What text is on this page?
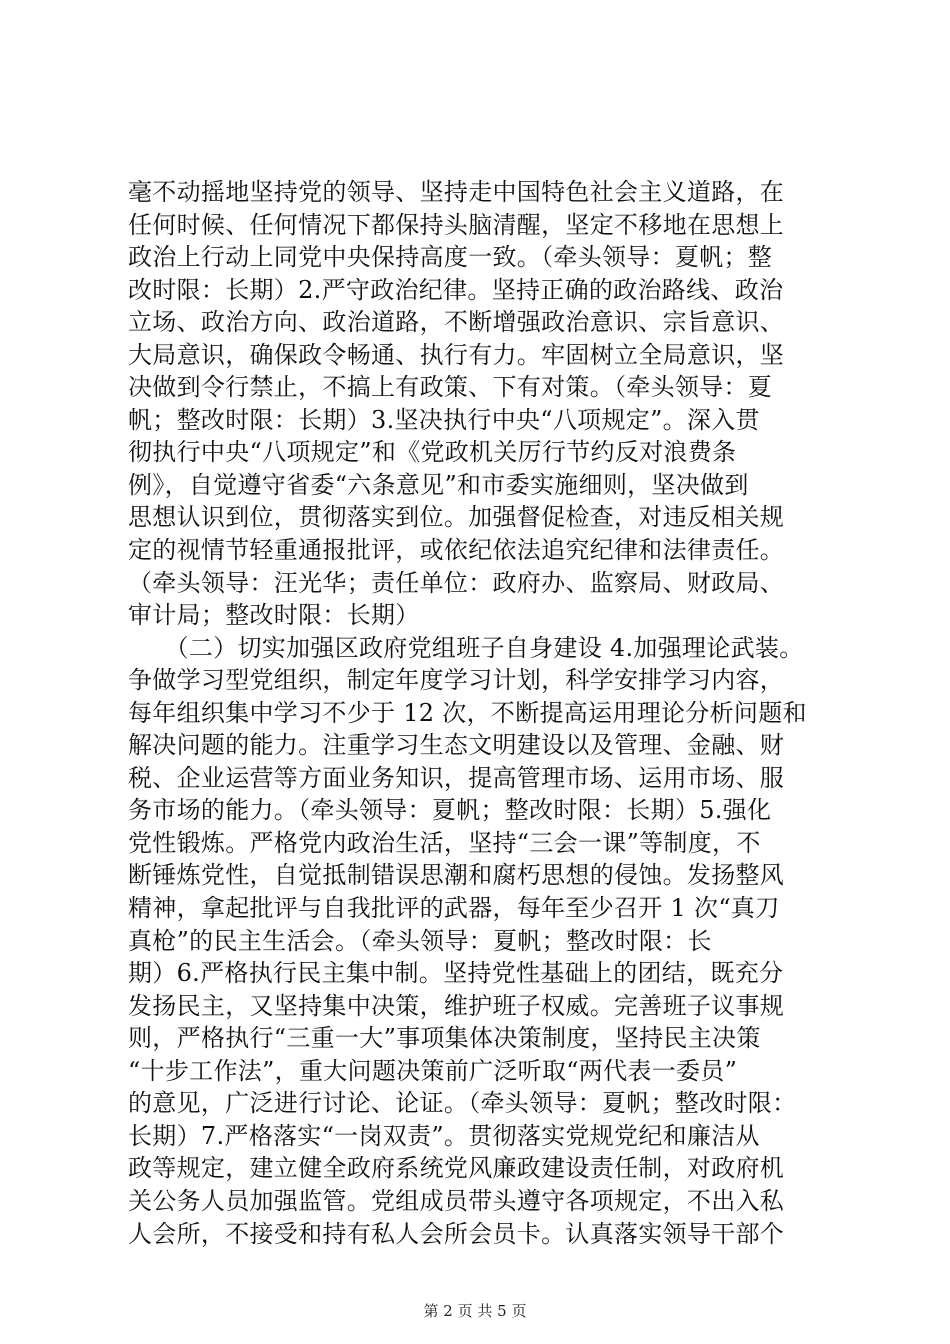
毫不动摇地坚持党的领导、坚持走中国特色社会主义道路，在
任何时候、任何情况下都保持头脑清醒，坚定不移地在思想上
政治上行动上同党中央保持高度一致。（牵头领导：夏帆；整
改时限：长期）2.严守政治纪律。坚持正确的政治路线、政治
立场、政治方向、政治道路，不断增强政治意识、宗旨意识、
大局意识，确保政令畅通、执行有力。牢固树立全局意识，坚
决做到令行禁止，不搞上有政策、下有对策。（牵头领导：夏
帆；整改时限：长期）3.坚决执行中央“八项规定”。深入贯
彻执行中央“八项规定”和《党政机关厉行节约反对浪费条
例》，自觉遵守省委“六条意见”和市委实施细则，坚决做到
思想认识到位，贯彻落实到位。加强督促检查，对违反相关规
定的视情节轻重通报批评，或依纪依法追究纪律和法律责任。
（牵头领导：汪光华；责任单位：政府办、监察局、财政局、
审计局；整改时限：长期）
　　（二）切实加强区政府党组班子自身建设 4.加强理论武装。
争做学习型党组织，制定年度学习计划，科学安排学习内容，
每年组织集中学习不少于 12 次，不断提高运用理论分析问题和
解决问题的能力。注重学习生态文明建设以及管理、金融、财
税、企业运营等方面业务知识，提高管理市场、运用市场、服
务市场的能力。（牵头领导：夏帆；整改时限：长期）5.强化
党性锻炼。严格党内政治生活，坚持“三会一课”等制度，不
断锤炼党性，自觉抵制错误思潮和腐朽思想的侵蚀。发扬整风
精神，拿起批评与自我批评的武器，每年至少召开 1 次“真刀
真枪”的民主生活会。（牵头领导：夏帆；整改时限：长
期）6.严格执行民主集中制。坚持党性基础上的团结，既充分
发扬民主，又坚持集中决策，维护班子权威。完善班子议事规
则，严格执行“三重一大”事项集体决策制度，坚持民主决策
“十步工作法”，重大问题决策前广泛听取“两代表一委员”
的意见，广泛进行讨论、论证。（牵头领导：夏帆；整改时限：
长期）7.严格落实“一岗双责”。贯彻落实党规党纪和廉洁从
政等规定，建立健全政府系统党风廉政建设责任制，对政府机
关公务人员加强监管。党组成员带头遵守各项规定，不出入私
人会所，不接受和持有私人会所会员卡。认真落实领导干部个
第 2 页 共 5 页
